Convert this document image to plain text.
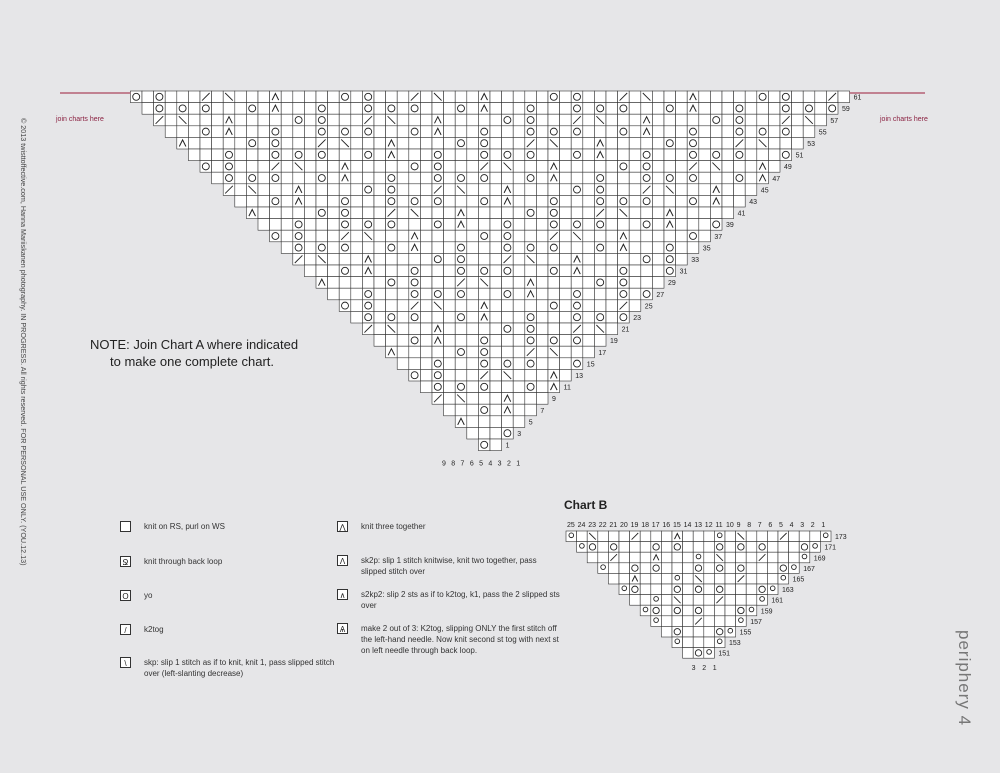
61
59
57
55
53
51
49
47
45
43
41
39
37
35
33
31
29
27
25
23
21
19
17
15
13
11
9
7
5
3
1
9 8 7 6 5 4 3 2 1
join charts here	join charts here
© 2013 twisttoffective.com, Hanna Mariiskanen photography. IN PROGRESS. All rights reserved. FOR PERSONAL USE ONLY. (YOU.12.13)	NOTE: Join Chart A where indicated
to make one complete chart.
Chart B
25 24 23 22 21 20 19 18 17 16 15 14 13 12 11 10 9 8 7 6 5 4 3 2 1
173
171
169
167
165
163
161
159
157
155
153
151
3 2 1
knit on RS, purl on WS
Ջ	knit through back loop
O yo
/	k2tog
\	skp: slip 1 stitch as if to knit, knit 1, pass slipped stitch over (left-slanting decrease)
⋀ knit three together
Λ	sk2p: slip 1 stitch knitwise, knit two together, pass slipped stitch over
∧	s2kp2: slip 2 sts as if to k2tog, k1, pass the 2 slipped sts over
Ѧ	make 2 out of 3: K2tog, slipping ONLY the first stitch off the left-hand needle. Now knit second st tog with next st on left needle through back loop.	periphery 4
